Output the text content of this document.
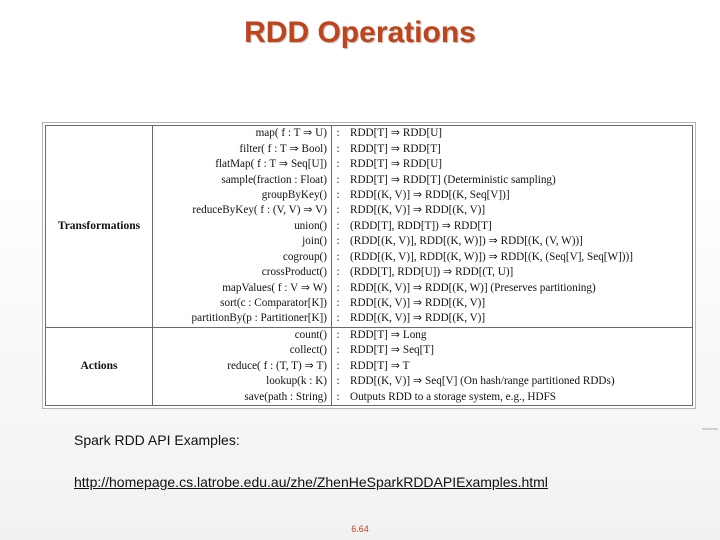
RDD Operations
Transformations	map( f : T ⇒ U)	:	RDD[T] ⇒ RDD[U]
	filter( f : T ⇒ Bool)	:	RDD[T] ⇒ RDD[T]
	flatMap( f : T ⇒ Seq[U])	:	RDD[T] ⇒ RDD[U]
	sample(fraction : Float)	:	RDD[T] ⇒ RDD[T] (Deterministic sampling)
	groupByKey()	:	RDD[(K, V)] ⇒ RDD[(K, Seq[V])]
	reduceByKey( f : (V, V) ⇒ V)	:	RDD[(K, V)] ⇒ RDD[(K, V)]
	union()	:	(RDD[T], RDD[T]) ⇒ RDD[T]
	join()	:	(RDD[(K, V)], RDD[(K, W)]) ⇒ RDD[(K, (V, W))]
	cogroup()	:	(RDD[(K, V)], RDD[(K, W)]) ⇒ RDD[(K, (Seq[V], Seq[W]))]
	crossProduct()	:	(RDD[T], RDD[U]) ⇒ RDD[(T, U)]
	mapValues( f : V ⇒ W)	:	RDD[(K, V)] ⇒ RDD[(K, W)] (Preserves partitioning)
	sort(c : Comparator[K])	:	RDD[(K, V)] ⇒ RDD[(K, V)]
	partitionBy(p : Partitioner[K])	:	RDD[(K, V)] ⇒ RDD[(K, V)]
Actions	count()	:	RDD[T] ⇒ Long
	collect()	:	RDD[T] ⇒ Seq[T]
	reduce( f : (T, T) ⇒ T)	:	RDD[T] ⇒ T
	lookup(k : K)	:	RDD[(K, V)] ⇒ Seq[V] (On hash/range partitioned RDDs)
	save(path : String)	:	Outputs RDD to a storage system, e.g., HDFS
Spark RDD API Examples:
http://homepage.cs.latrobe.edu.au/zhe/ZhenHeSparkRDDAPIExamples.html
6.64
